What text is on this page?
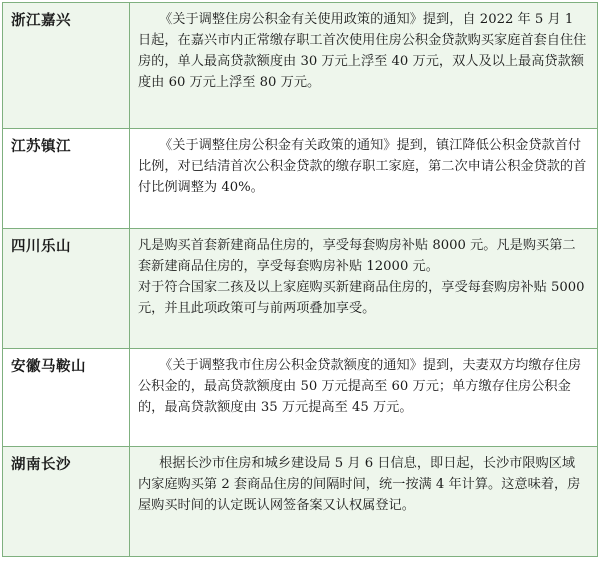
浙江嘉兴	《关于调整住房公积金有关使用政策的通知》提到，自 2022 年 5 月 1 日起，在嘉兴市内正常缴存职工首次使用住房公积金贷款购买家庭首套自住住房的，单人最高贷款额度由 30 万元上浮至 40 万元，双人及以上最高贷款额度由 60 万元上浮至 80 万元。

江苏镇江	《关于调整住房公积金有关政策的通知》提到，镇江降低公积金贷款首付比例，对已结清首次公积金贷款的缴存职工家庭，第二次申请公积金贷款的首付比例调整为 40%。

四川乐山	凡是购买首套新建商品住房的，享受每套购房补贴 8000 元。凡是购买第二套新建商品住房的，享受每套购房补贴 12000 元。

对于符合国家二孩及以上家庭购买新建商品住房的，享受每套购房补贴 5000 元，并且此项政策可与前两项叠加享受。

安徽马鞍山	《关于调整我市住房公积金贷款额度的通知》提到，夫妻双方均缴存住房公积金的，最高贷款额度由 50 万元提高至 60 万元；单方缴存住房公积金的，最高贷款额度由 35 万元提高至 45 万元。

湖南长沙	根据长沙市住房和城乡建设局 5 月 6 日信息，即日起，长沙市限购区域内家庭购买第 2 套商品住房的间隔时间，统一按满 4 年计算。这意味着，房屋购买时间的认定既认网签备案又认权属登记。
